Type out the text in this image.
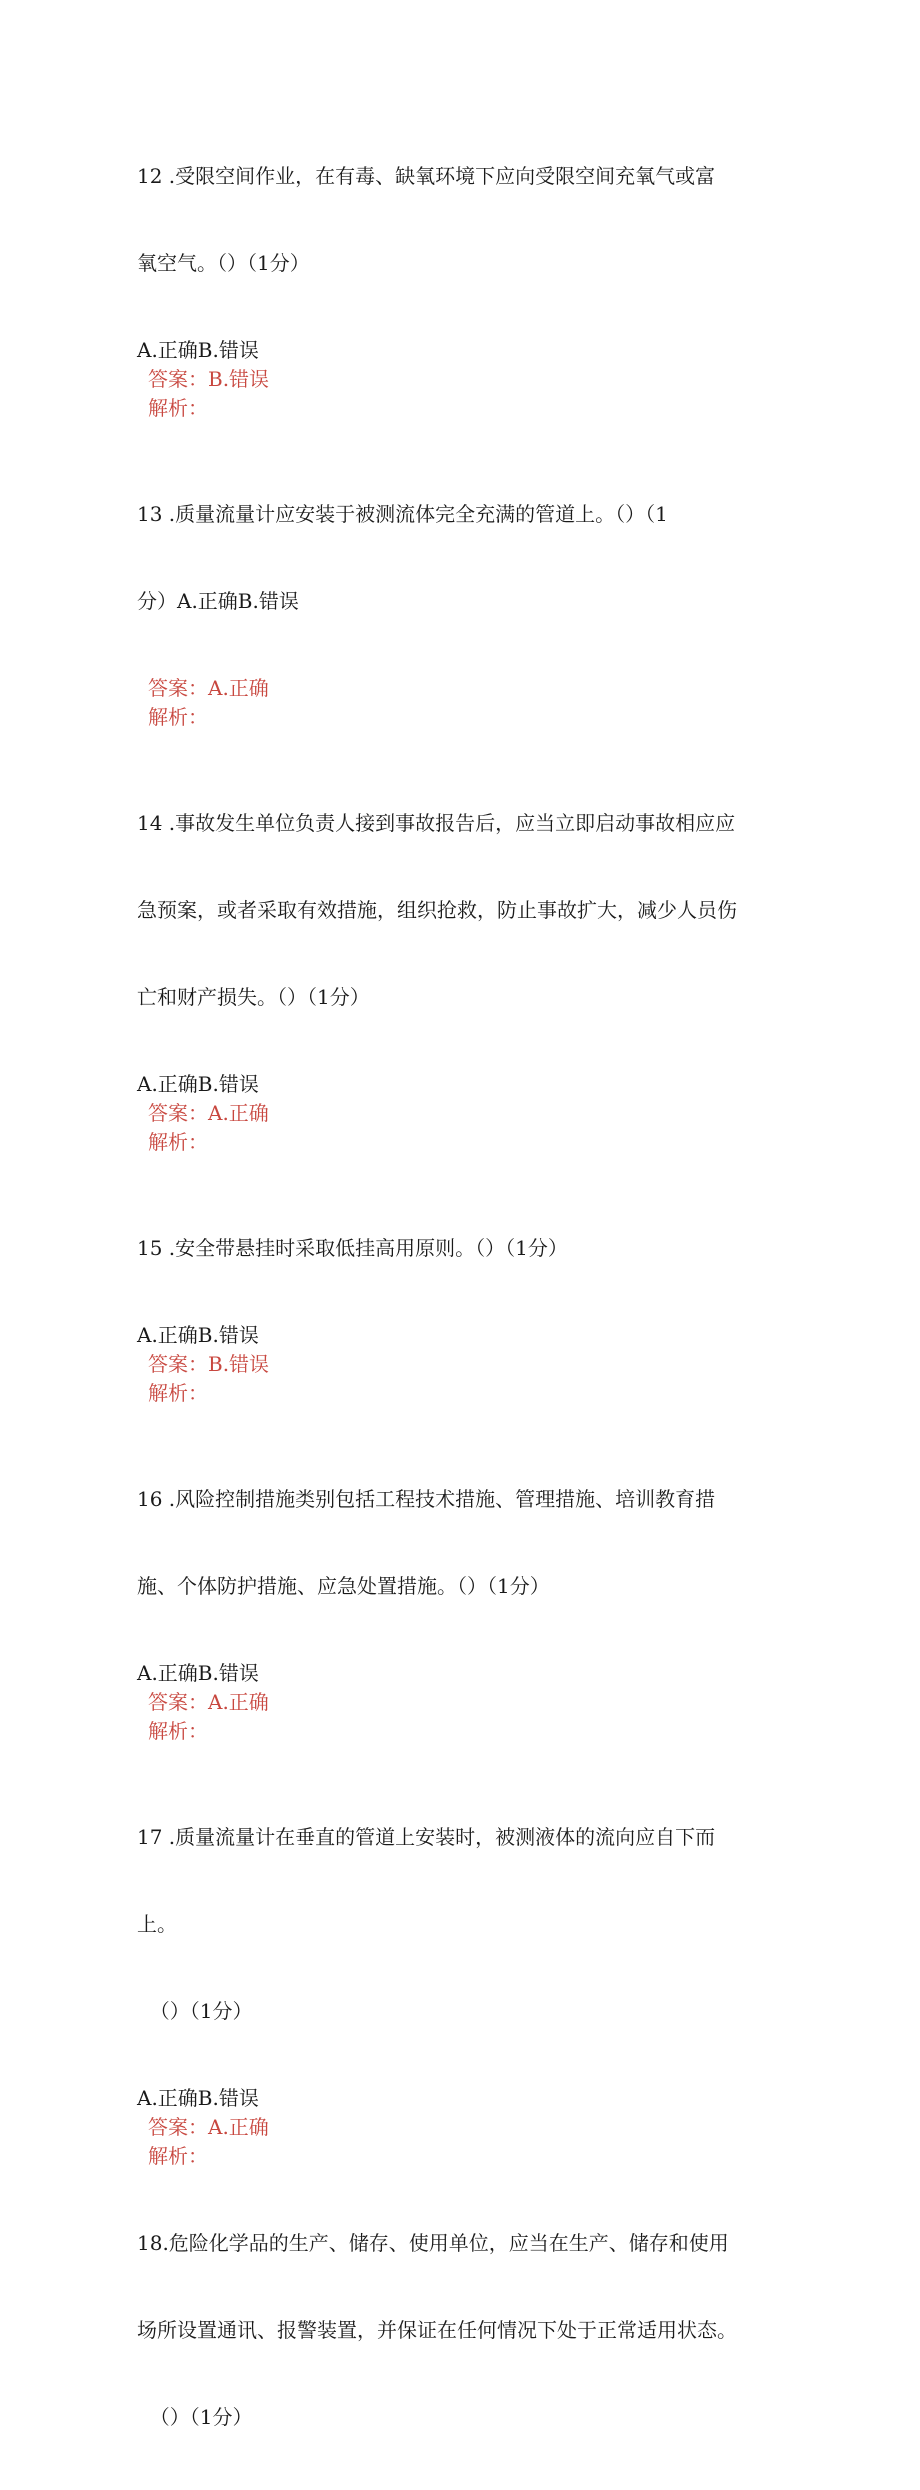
12 .受限空间作业，在有毒、缺氧环境下应向受限空间充氧气或富

氧空气。（）（1分）

A.正确B.错误
答案：B.错误
解析：

13 .质量流量计应安装于被测流体完全充满的管道上。（）（1

分）A.正确B.错误

答案：A.正确
解析：

14 .事故发生单位负责人接到事故报告后，应当立即启动事故相应应

急预案，或者采取有效措施，组织抢救，防止事故扩大，减少人员伤

亡和财产损失。（）（1分）

A.正确B.错误
答案：A.正确
解析：

15 .安全带悬挂时采取低挂高用原则。（）（1分）

A.正确B.错误
答案：B.错误
解析：

16 .风险控制措施类别包括工程技术措施、管理措施、培训教育措

施、个体防护措施、应急处置措施。（）（1分）

A.正确B.错误
答案：A.正确
解析：

17 .质量流量计在垂直的管道上安装时，被测液体的流向应自下而

上。

（）（1分）

A.正确B.错误
答案：A.正确
解析：

18.危险化学品的生产、储存、使用单位，应当在生产、储存和使用

场所设置通讯、报警装置，并保证在任何情况下处于正常适用状态。

（）（1分）
